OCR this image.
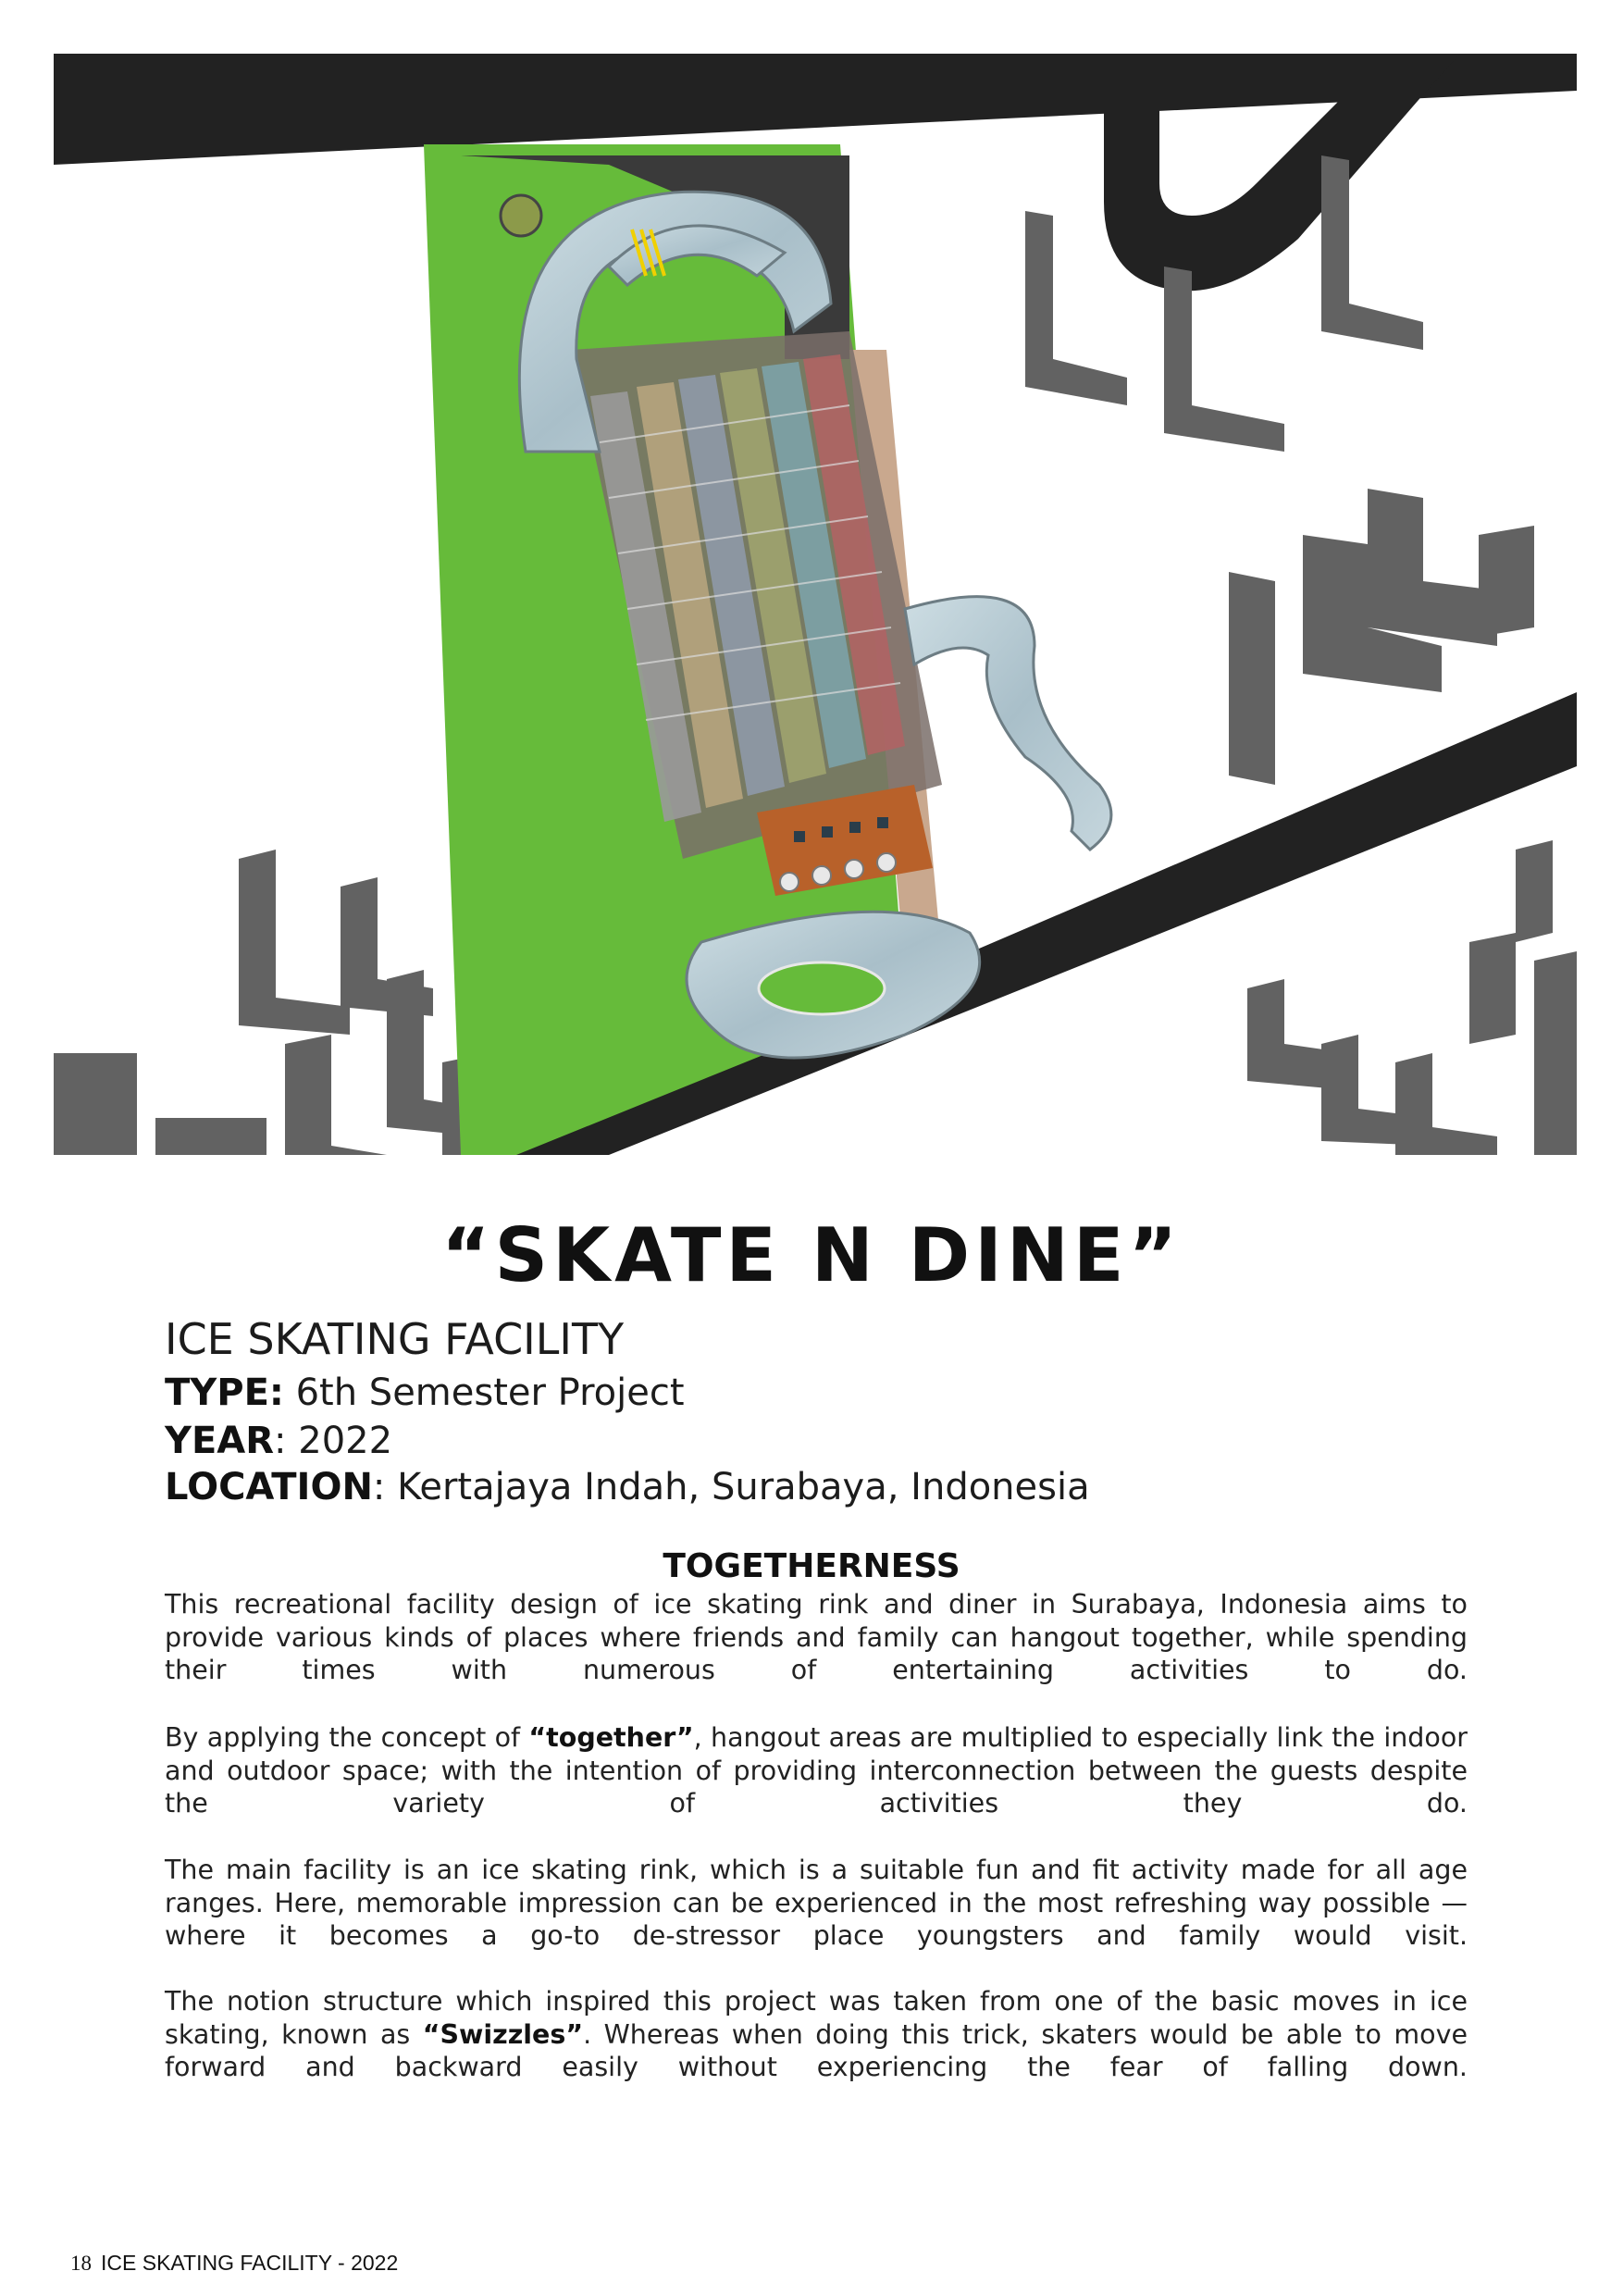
“SKATE N DINE”
ICE SKATING FACILITY
TYPE: 6th Semester Project
YEAR: 2022
LOCATION: Kertajaya Indah, Surabaya, Indonesia
TOGETHERNESS
This recreational facility design of ice skating rink and diner in Surabaya, Indonesia aims to provide various kinds of places where friends and family can hangout together, while spending their times with numerous of entertaining activities to do.
By applying the concept of “together”, hangout areas are multiplied to especially link the indoor and outdoor space; with the intention of providing interconnection between the guests despite the variety of activities they do.
The main facility is an ice skating rink, which is a suitable fun and fit activity made for all age ranges. Here, memorable impression can be experienced in the most refreshing way possible — where it becomes a go-to de-stressor place youngsters and family would visit.
The notion structure which inspired this project was taken from one of the basic moves in ice skating, known as “Swizzles”. Whereas when doing this trick, skaters would be able to move forward and backward easily without experiencing the fear of falling down.
18 ICE SKATING FACILITY - 2022
